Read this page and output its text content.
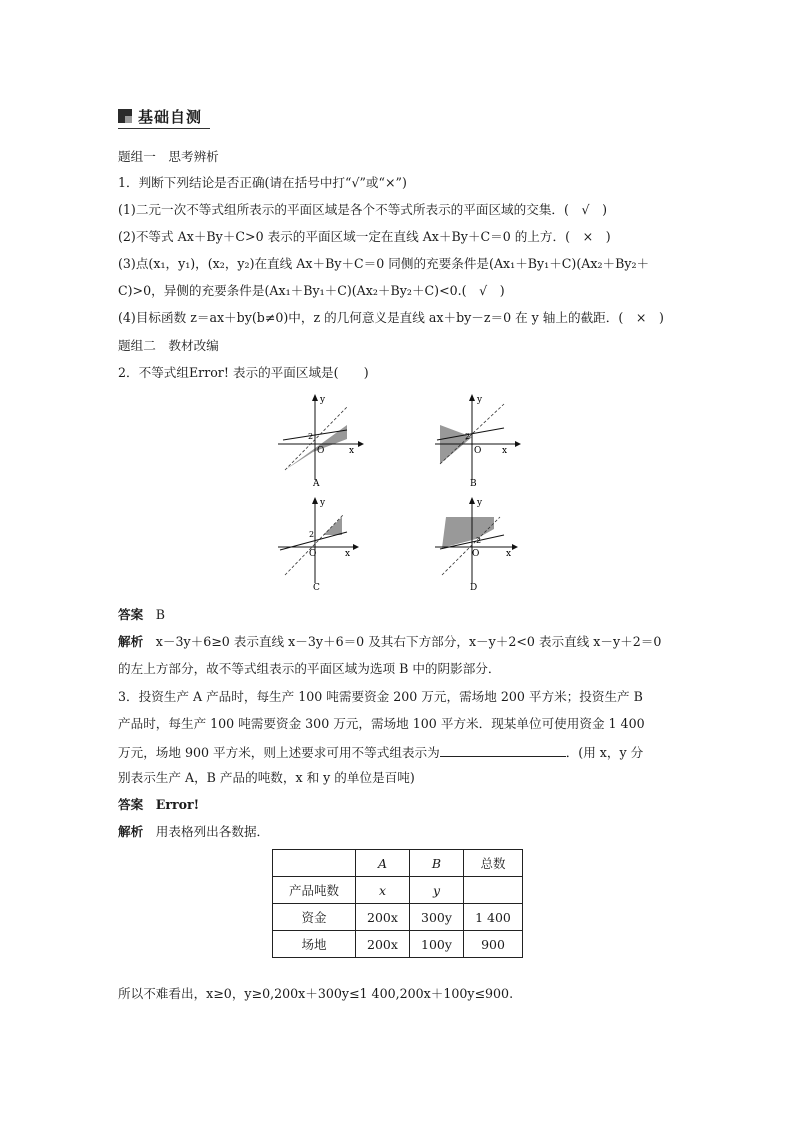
基础自测
题组一　思考辨析
1．判断下列结论是否正确(请在括号中打“√”或“×”)
(1)二元一次不等式组所表示的平面区域是各个不等式所表示的平面区域的交集．(　√　)
(2)不等式 Ax＋By＋C>0 表示的平面区域一定在直线 Ax＋By＋C＝0 的上方．(　×　)
(3)点(x₁，y₁)，(x₂，y₂)在直线 Ax＋By＋C＝0 同侧的充要条件是(Ax₁＋By₁＋C)(Ax₂＋By₂＋
C)>0，异侧的充要条件是(Ax₁＋By₁＋C)(Ax₂＋By₂＋C)<0.(　√　)
(4)目标函数 z＝ax＋by(b≠0)中，z 的几何意义是直线 ax＋by－z＝0 在 y 轴上的截距．(　×　)
题组二　教材改编
2．不等式组Error! 表示的平面区域是(　　)
y
x
O
2
A
y
x
O
2
B
y
x
O
2
C
y
x
O
2
D
答案　 B
解析　 x－3y＋6≥0 表示直线 x－3y＋6＝0 及其右下方部分，x－y＋2<0 表示直线 x－y＋2＝0
的左上方部分，故不等式组表示的平面区域为选项 B 中的阴影部分．
3．投资生产 A 产品时，每生产 100 吨需要资金 200 万元，需场地 200 平方米；投资生产 B
产品时，每生产 100 吨需要资金 300 万元，需场地 100 平方米．现某单位可使用资金 1 400
万元，场地 900 平方米，则上述要求可用不等式组表示为	．(用 x，y 分
别表示生产 A，B 产品的吨数，x 和 y 的单位是百吨)
答案　 Error!
解析　 用表格列出各数据．
	A	B	总数
产品吨数	x	y	
资金	200x	300y	1 400
场地	200x	100y	900
所以不难看出，x≥0，y≥0,200x＋300y≤1 400,200x＋100y≤900.
